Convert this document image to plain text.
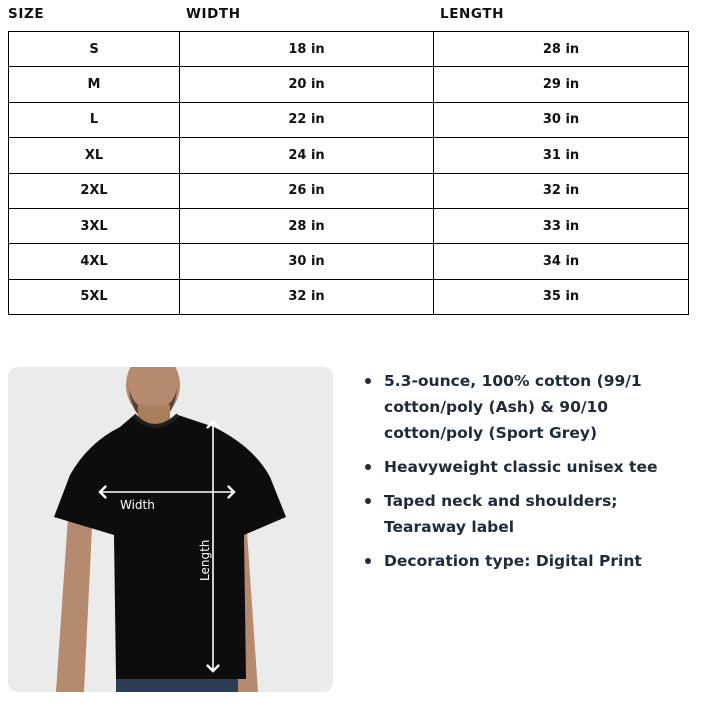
SIZE	WIDTH	LENGTH
S	18 in	28 in
M	20 in	29 in
L	22 in	30 in
XL	24 in	31 in
2XL	26 in	32 in
3XL	28 in	33 in
4XL	30 in	34 in
5XL	32 in	35 in
Width
Length
5.3-ounce, 100% cotton (99/1 cotton/poly (Ash) & 90/10 cotton/poly (Sport Grey)
Heavyweight classic unisex tee
Taped neck and shoulders; Tearaway label
Decoration type: Digital Print
